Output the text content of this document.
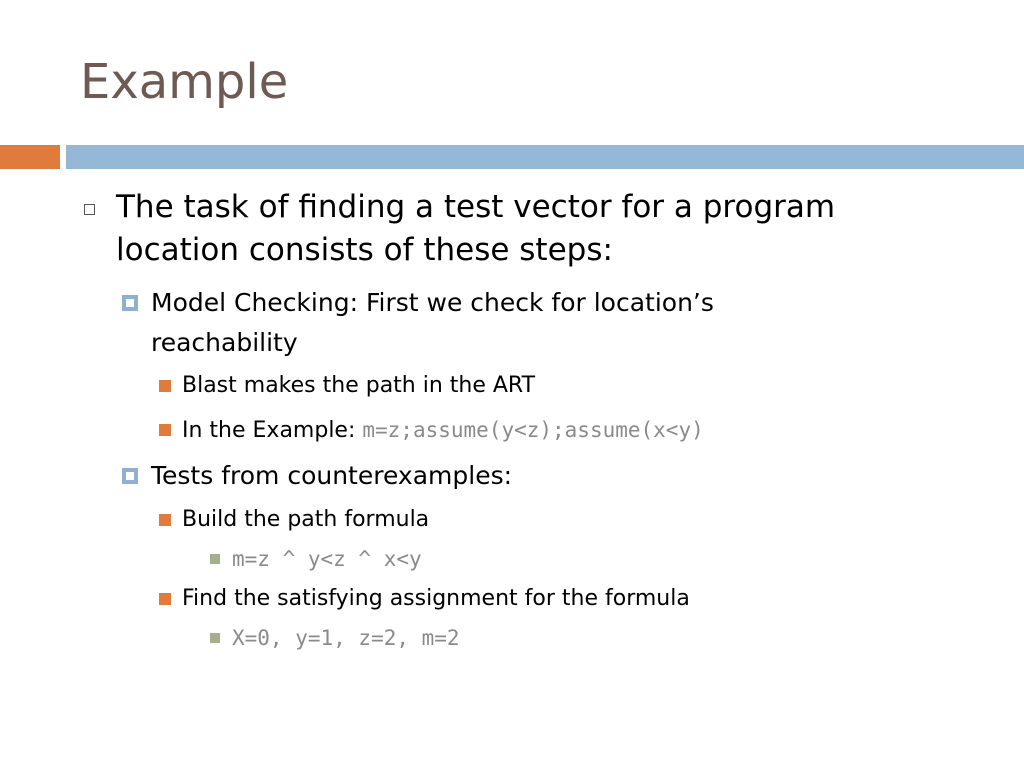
Example
The task of finding a test vector for a program
location consists of these steps:
Model Checking: First we check for location’s
reachability
Blast makes the path in the ART
In the Example: m=z;assume(y<z);assume(x<y)
Tests from counterexamples:
Build the path formula
m=z ^ y<z ^ x<y
Find the satisfying assignment for the formula
X=0, y=1, z=2, m=2
